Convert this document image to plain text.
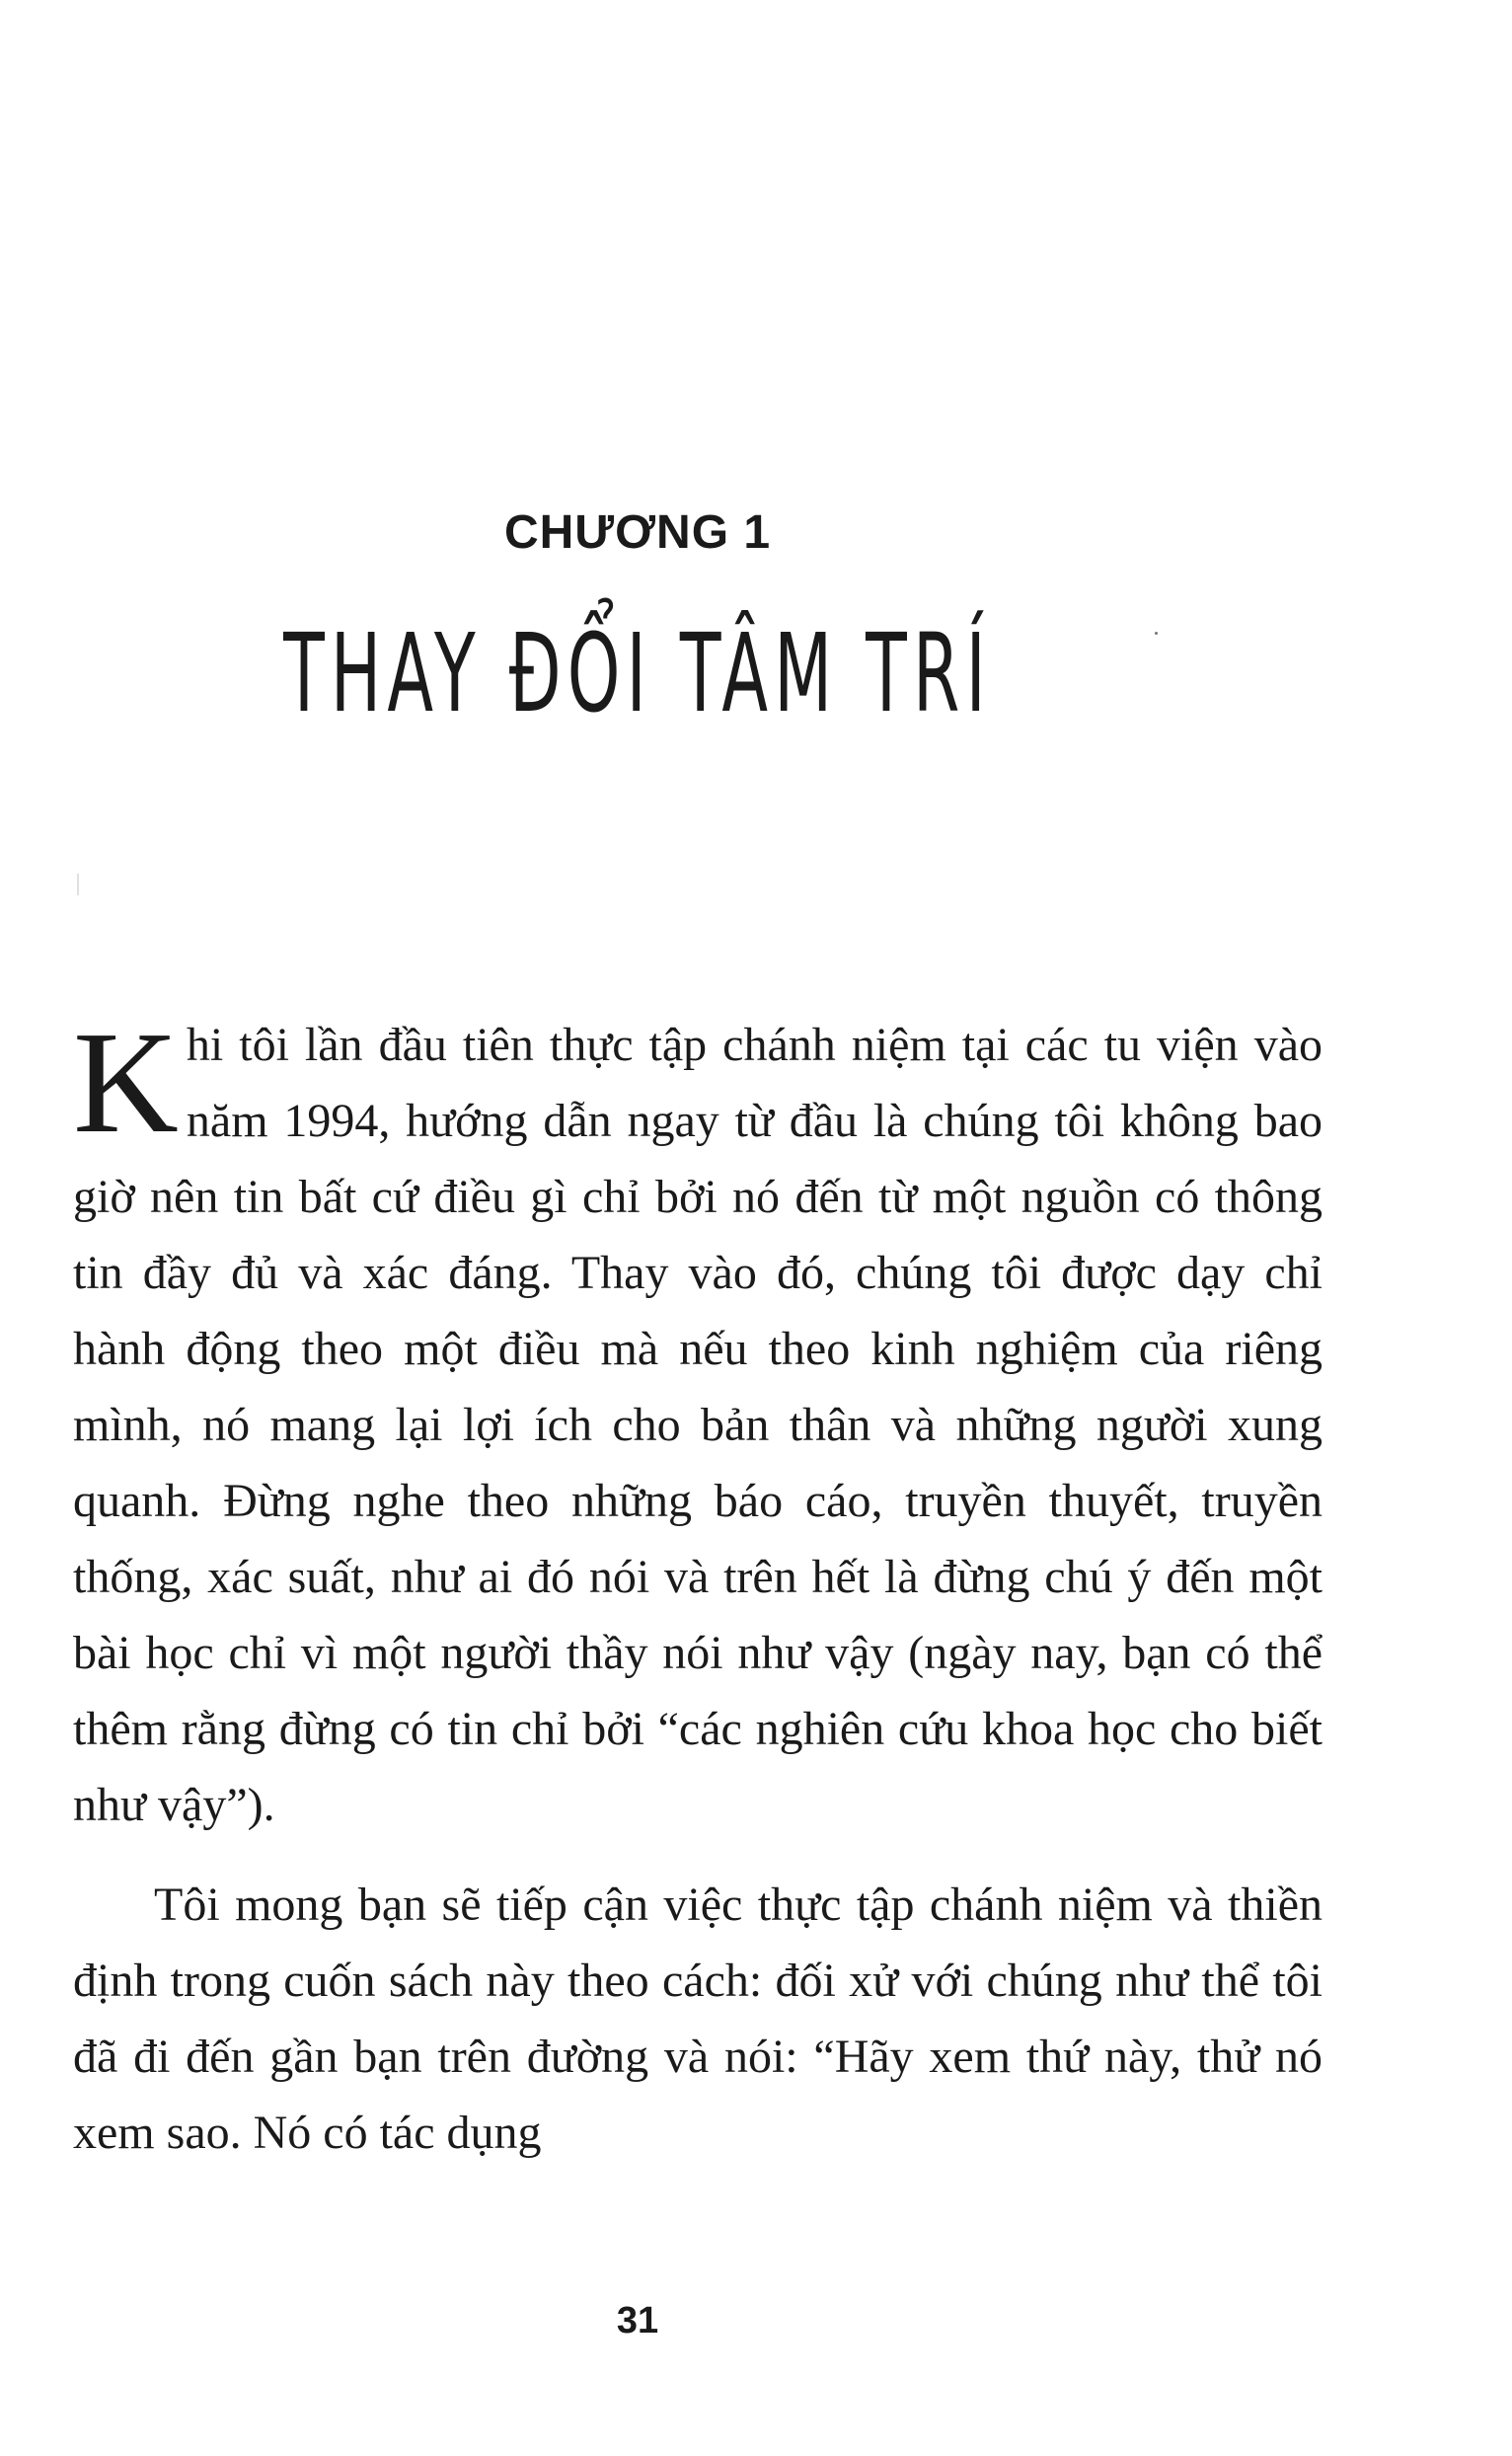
CHƯƠNG 1
THAY ĐỔI TÂM TRÍ

Khi tôi lần đầu tiên thực tập chánh niệm tại các tu viện vào năm 1994, hướng dẫn ngay từ đầu là chúng tôi không bao giờ nên tin bất cứ điều gì chỉ bởi nó đến từ một nguồn có thông tin đầy đủ và xác đáng. Thay vào đó, chúng tôi được dạy chỉ hành động theo một điều mà nếu theo kinh nghiệm của riêng mình, nó mang lại lợi ích cho bản thân và những người xung quanh. Đừng nghe theo những báo cáo, truyền thuyết, truyền thống, xác suất, như ai đó nói và trên hết là đừng chú ý đến một bài học chỉ vì một người thầy nói như vậy (ngày nay, bạn có thể thêm rằng đừng có tin chỉ bởi “các nghiên cứu khoa học cho biết như vậy”).

Tôi mong bạn sẽ tiếp cận việc thực tập chánh niệm và thiền định trong cuốn sách này theo cách: đối xử với chúng như thể tôi đã đi đến gần bạn trên đường và nói: “Hãy xem thứ này, thử nó xem sao. Nó có tác dụng

31
